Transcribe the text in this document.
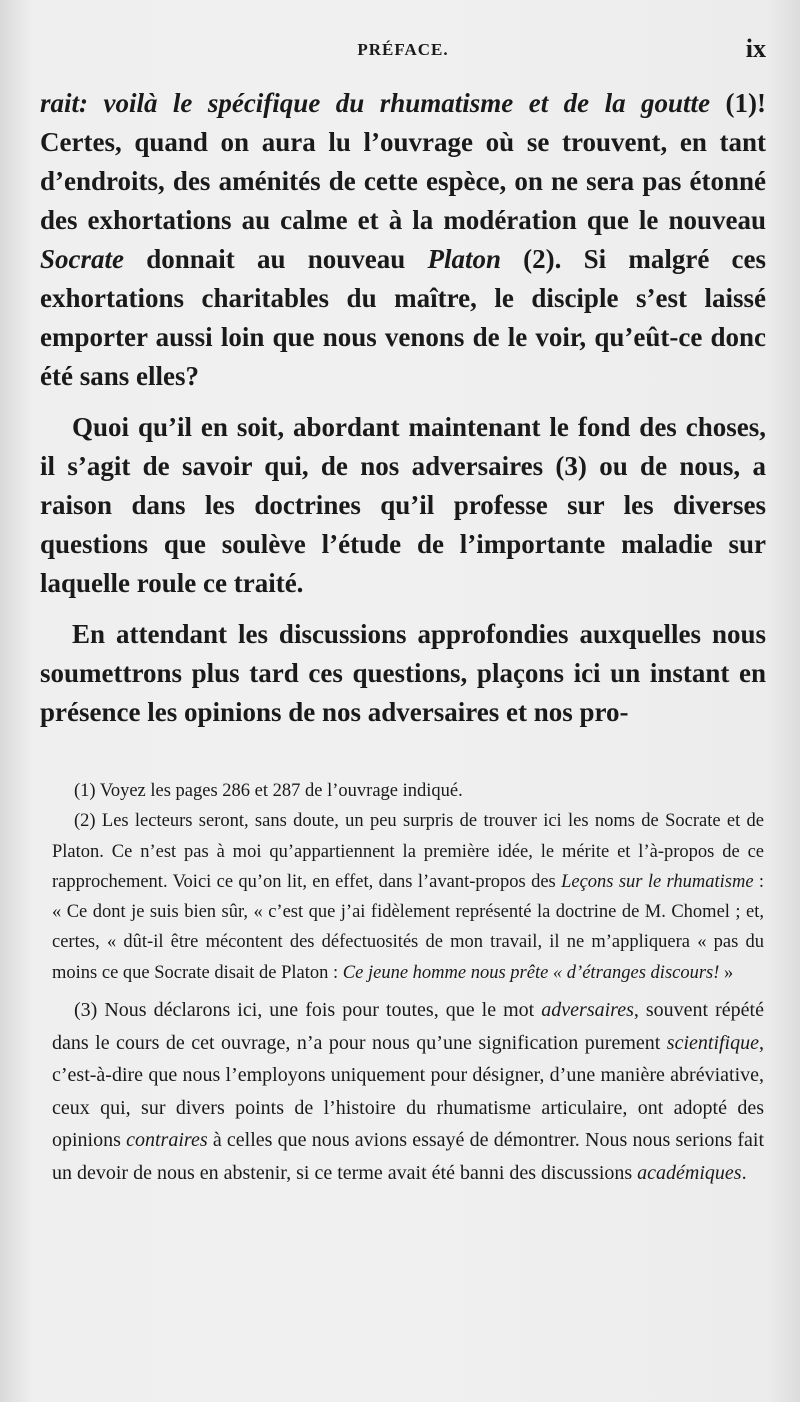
PRÉFACE.	ix

rait: voilà le spécifique du rhumatisme et de la goutte (1)! Certes, quand on aura lu l’ouvrage où se trouvent, en tant d’endroits, des aménités de cette espèce, on ne sera pas étonné des exhortations au calme et à la modération que le nouveau Socrate donnait au nouveau Platon (2). Si malgré ces exhortations charitables du maître, le disciple s’est laissé emporter aussi loin que nous venons de le voir, qu’eût-ce donc été sans elles?

Quoi qu’il en soit, abordant maintenant le fond des choses, il s’agit de savoir qui, de nos adversaires (3) ou de nous, a raison dans les doctrines qu’il professe sur les diverses questions que soulève l’étude de l’importante maladie sur laquelle roule ce traité.

En attendant les discussions approfondies auxquelles nous soumettrons plus tard ces questions, plaçons ici un instant en présence les opinions de nos adversaires et nos pro-

(1) Voyez les pages 286 et 287 de l’ouvrage indiqué.

(2) Les lecteurs seront, sans doute, un peu surpris de trouver ici les noms de Socrate et de Platon. Ce n’est pas à moi qu’appartiennent la première idée, le mérite et l’à-propos de ce rapprochement. Voici ce qu’on lit, en effet, dans l’avant-propos des Leçons sur le rhumatisme : « Ce dont je suis bien sûr, « c’est que j’ai fidèlement représenté la doctrine de M. Chomel ; et, certes, « dût-il être mécontent des défectuosités de mon travail, il ne m’appliquera « pas du moins ce que Socrate disait de Platon : Ce jeune homme nous prête « d’étranges discours! »

(3) Nous déclarons ici, une fois pour toutes, que le mot adversaires, souvent répété dans le cours de cet ouvrage, n’a pour nous qu’une signification purement scientifique, c’est-à-dire que nous l’employons uniquement pour désigner, d’une manière abréviative, ceux qui, sur divers points de l’histoire du rhumatisme articulaire, ont adopté des opinions contraires à celles que nous avions essayé de démontrer. Nous nous serions fait un devoir de nous en abstenir, si ce terme avait été banni des discussions académiques.
